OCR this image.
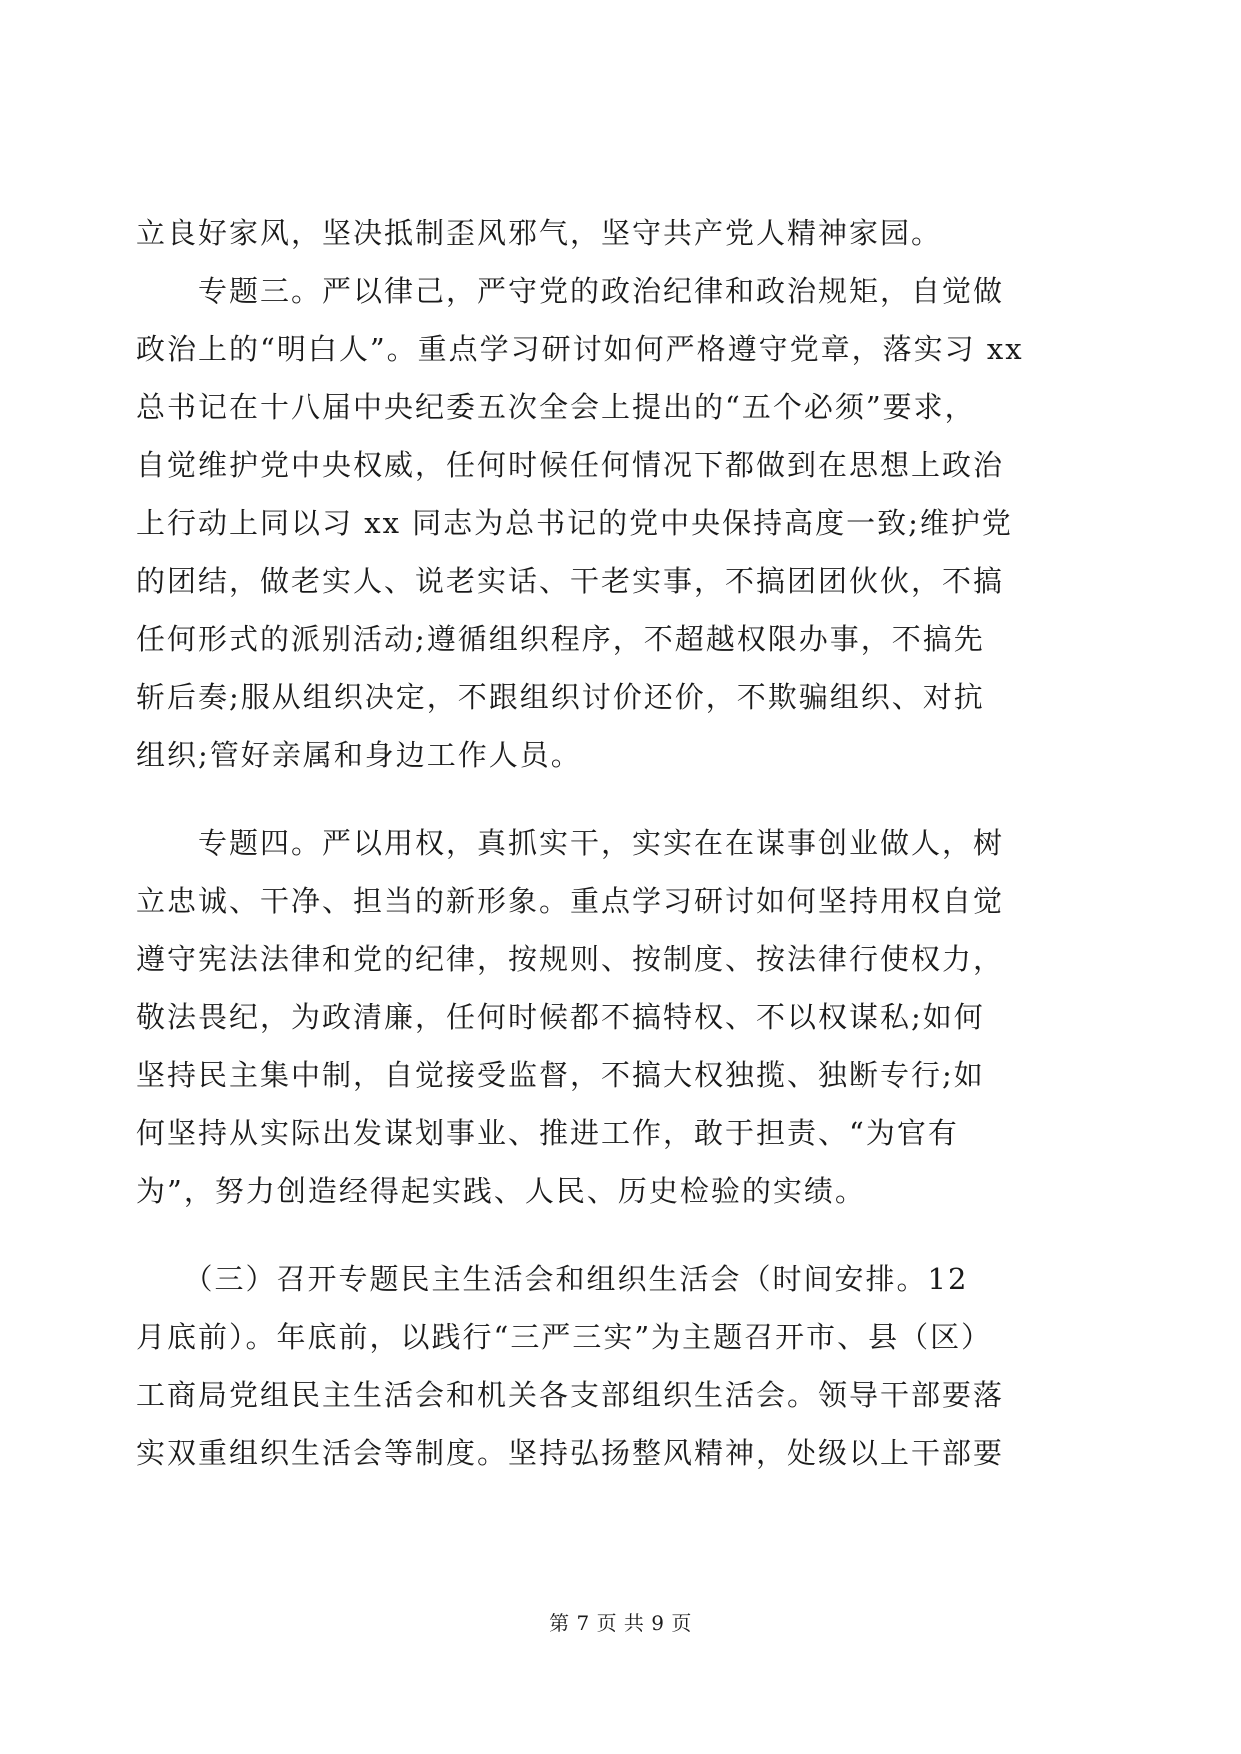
立良好家风，坚决抵制歪风邪气，坚守共产党人精神家园。
　　专题三。严以律己，严守党的政治纪律和政治规矩，自觉做
政治上的“明白人”。重点学习研讨如何严格遵守党章，落实习 xx
总书记在十八届中央纪委五次全会上提出的“五个必须”要求，
自觉维护党中央权威，任何时候任何情况下都做到在思想上政治
上行动上同以习 xx 同志为总书记的党中央保持高度一致;维护党
的团结，做老实人、说老实话、干老实事，不搞团团伙伙，不搞
任何形式的派别活动;遵循组织程序，不超越权限办事，不搞先
斩后奏;服从组织决定，不跟组织讨价还价，不欺骗组织、对抗
组织;管好亲属和身边工作人员。
　　专题四。严以用权，真抓实干，实实在在谋事创业做人，树
立忠诚、干净、担当的新形象。重点学习研讨如何坚持用权自觉
遵守宪法法律和党的纪律，按规则、按制度、按法律行使权力，
敬法畏纪，为政清廉，任何时候都不搞特权、不以权谋私;如何
坚持民主集中制，自觉接受监督，不搞大权独揽、独断专行;如
何坚持从实际出发谋划事业、推进工作，敢于担责、“为官有
为”，努力创造经得起实践、人民、历史检验的实绩。
　　（三）召开专题民主生活会和组织生活会（时间安排。12
月底前）。年底前，以践行“三严三实”为主题召开市、县（区）
工商局党组民主生活会和机关各支部组织生活会。领导干部要落
实双重组织生活会等制度。坚持弘扬整风精神，处级以上干部要
第 7 页 共 9 页
